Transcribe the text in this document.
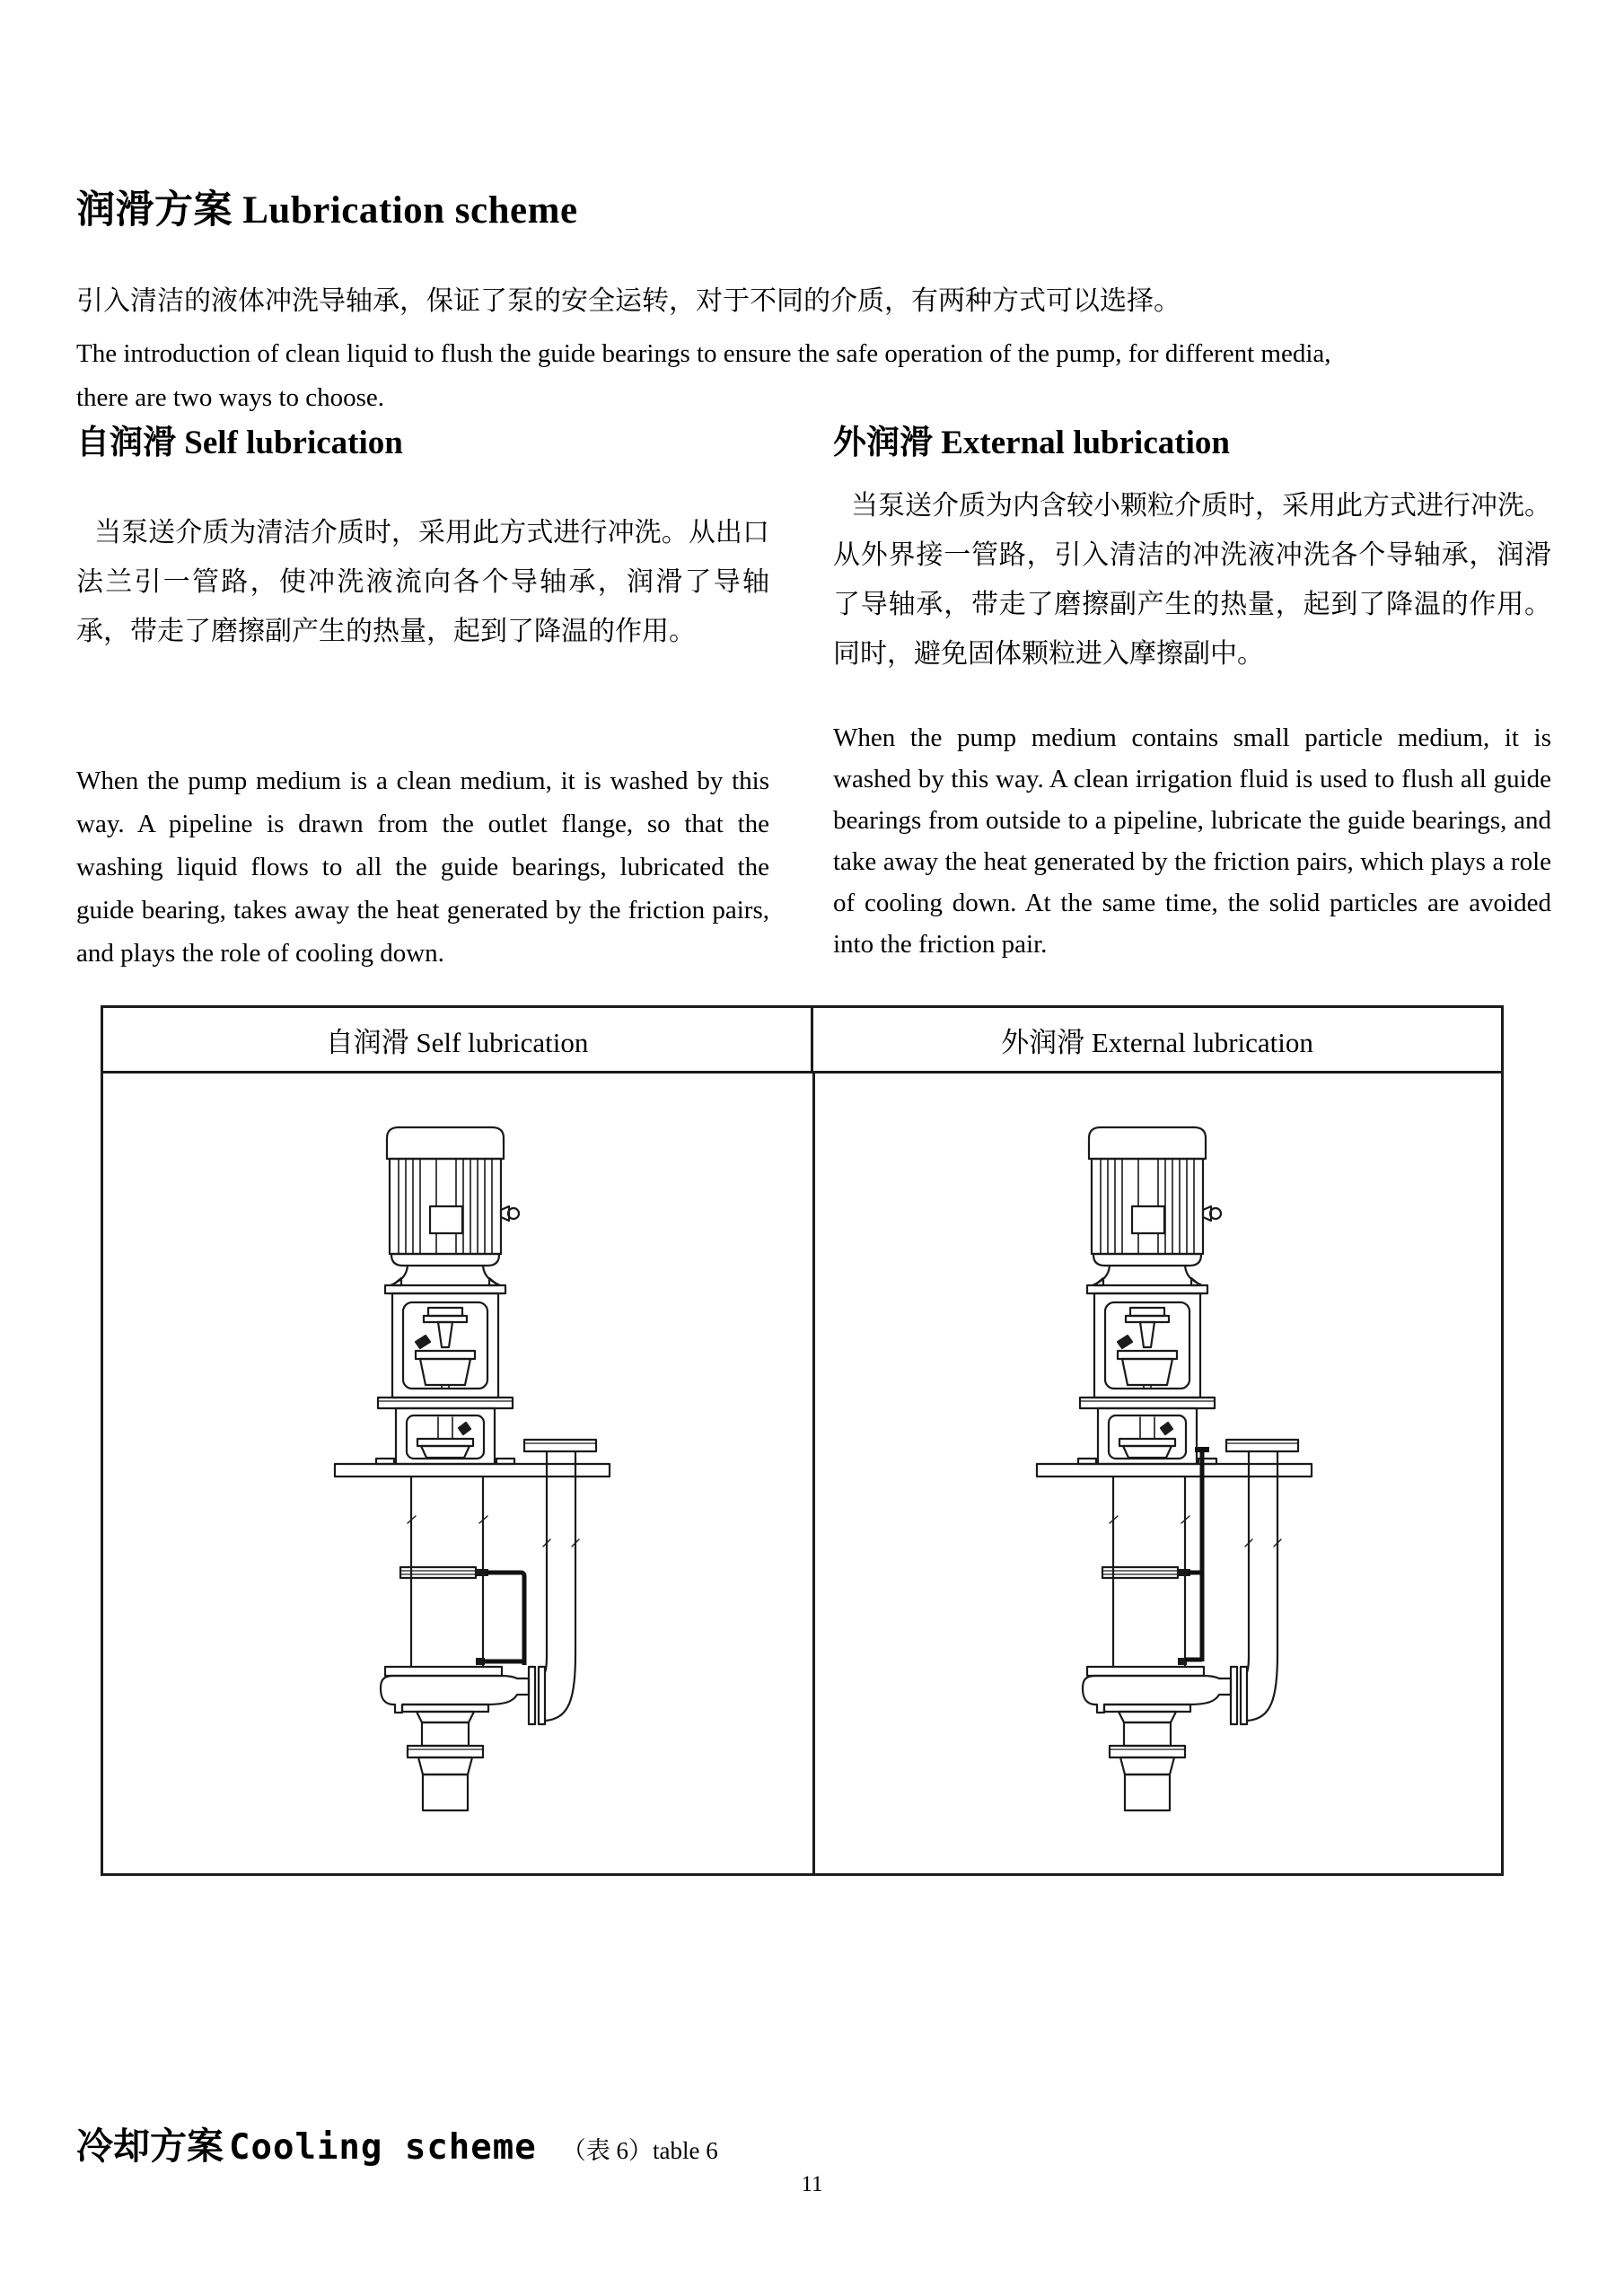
润滑方案 Lubrication scheme

引入清洁的液体冲洗导轴承，保证了泵的安全运转，对于不同的介质，有两种方式可以选择。

The introduction of clean liquid to flush the guide bearings to ensure the safe operation of the pump, for different media,

there are two ways to choose.

自润滑 Self lubrication	外润滑 External lubrication

当泵送介质为清洁介质时，采用此方式进行冲洗。从出口法兰引一管路，使冲洗液流向各个导轴承，润滑了导轴承，带走了磨擦副产生的热量，起到了降温的作用。

当泵送介质为内含较小颗粒介质时，采用此方式进行冲洗。从外界接一管路，引入清洁的冲洗液冲洗各个导轴承，润滑了导轴承，带走了磨擦副产生的热量，起到了降温的作用。同时，避免固体颗粒进入摩擦副中。

When the pump medium is a clean medium, it is washed by this way. A pipeline is drawn from the outlet flange, so that the washing liquid flows to all the guide bearings, lubricated the guide bearing, takes away the heat generated by the friction pairs, and plays the role of cooling down.

When the pump medium contains small particle medium, it is washed by this way. A clean irrigation fluid is used to flush all guide bearings from outside to a pipeline, lubricate the guide bearings, and take away the heat generated by the friction pairs, which plays a role of cooling down. At the same time, the solid particles are avoided into the friction pair.

自润滑 Self lubrication	外润滑 External lubrication
冷却方案 Cooling scheme （表 6）table 6
11
